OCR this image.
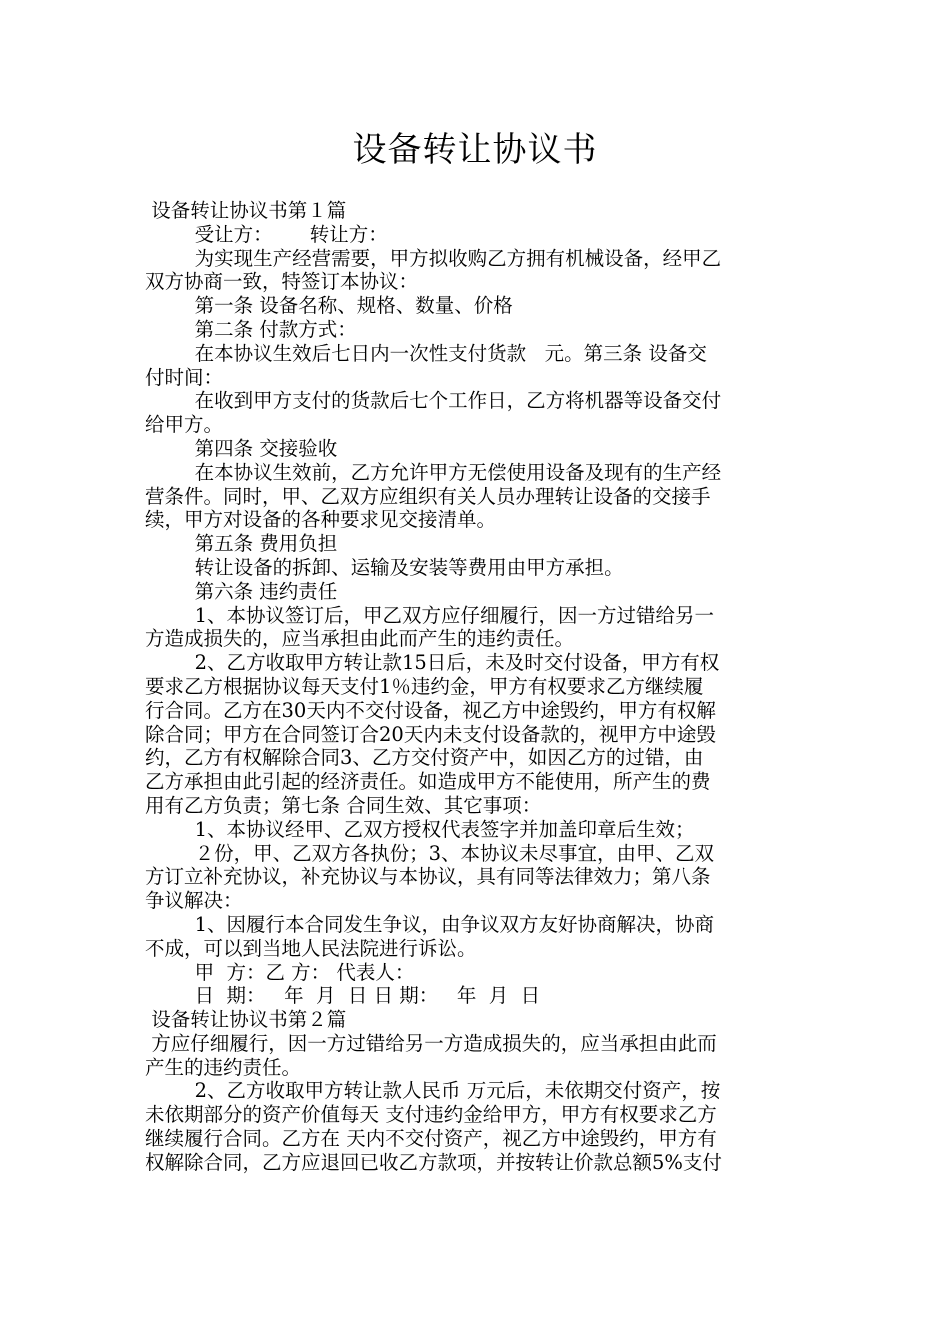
设备转让协议书
设备转让协议书第１篇
受让方：      转让方：
为实现生产经营需要，甲方拟收购乙方拥有机械设备，经甲乙
双方协商一致，特签订本协议：
第一条 设备名称、规格、数量、价格
第二条 付款方式：
在本协议生效后七日内一次性支付货款   元。第三条 设备交
付时间：
在收到甲方支付的货款后七个工作日，乙方将机器等设备交付
给甲方。
第四条 交接验收
在本协议生效前，乙方允许甲方无偿使用设备及现有的生产经
营条件。同时，甲、乙双方应组织有关人员办理转让设备的交接手
续，甲方对设备的各种要求见交接清单。
第五条 费用负担
转让设备的拆卸、运输及安装等费用由甲方承担。
第六条 违约责任
1、本协议签订后，甲乙双方应仔细履行，因一方过错给另一
方造成损失的，应当承担由此而产生的违约责任。
2、乙方收取甲方转让款15日后，未及时交付设备，甲方有权
要求乙方根据协议每天支付1％违约金，甲方有权要求乙方继续履
行合同。乙方在30天内不交付设备，视乙方中途毁约，甲方有权解
除合同；甲方在合同签订合20天内未支付设备款的，视甲方中途毁
约，乙方有权解除合同3、乙方交付资产中，如因乙方的过错，由
乙方承担由此引起的经济责任。如造成甲方不能使用，所产生的费
用有乙方负责；第七条 合同生效、其它事项：
1、本协议经甲、乙双方授权代表签字并加盖印章后生效；
２份，甲、乙双方各执份；3、本协议未尽事宜，由甲、乙双
方订立补充协议，补充协议与本协议，具有同等法律效力；第八条
争议解决：
1、因履行本合同发生争议，由争议双方友好协商解决，协商
不成，可以到当地人民法院进行诉讼。
甲  方：乙 方： 代表人：
日  期：   年  月  日 日 期：   年  月  日
设备转让协议书第２篇
方应仔细履行，因一方过错给另一方造成损失的，应当承担由此而
产生的违约责任。
2、乙方收取甲方转让款人民币 万元后，未依期交付资产，按
未依期部分的资产价值每天 支付违约金给甲方，甲方有权要求乙方
继续履行合同。乙方在 天内不交付资产，视乙方中途毁约，甲方有
权解除合同，乙方应退回已收乙方款项，并按转让价款总额5%支付
